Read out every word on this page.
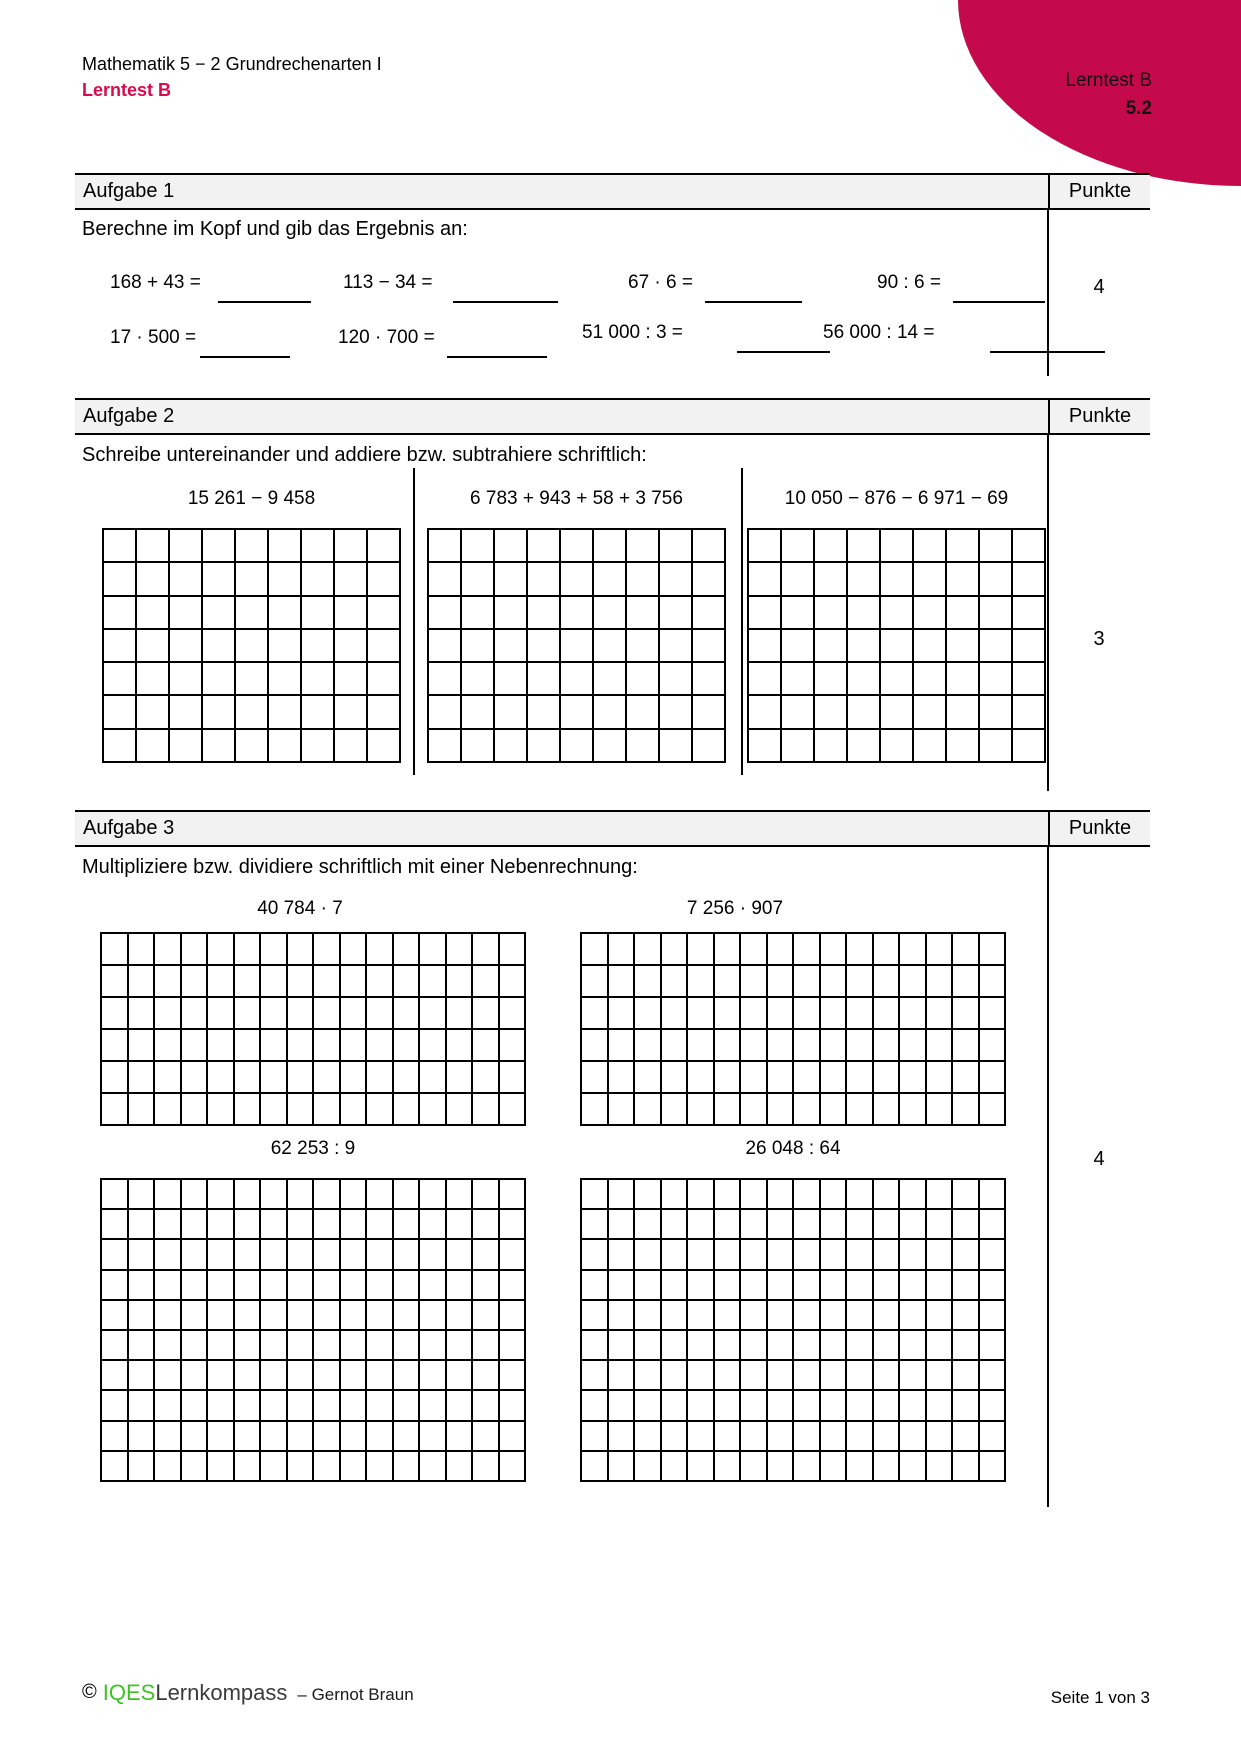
Mathematik 5 − 2 Grundrechenarten I
Lerntest B	Lerntest B
5.2
Aufgabe 1	Punkte
Berechne im Kopf und gib das Ergebnis an:
168 + 43 =	113 − 34 =	67 · 6 =	90 : 6 =
17 · 500 =	120 · 700 =	51 000 : 3 =	56 000 : 14 =
4
Aufgabe 2	Punkte
Schreibe untereinander und addiere bzw. subtrahiere schriftlich:
15 261 − 9 458	6 783 + 943 + 58 + 3 756	10 050 − 876 − 6 971 − 69
3
Aufgabe 3	Punkte
Multipliziere bzw. dividiere schriftlich mit einer Nebenrechnung:
40 784 · 7	7 256 · 907
62 253 : 9	26 048 : 64	4
© IQESLernkompass – Gernot Braun	Seite 1 von 3
